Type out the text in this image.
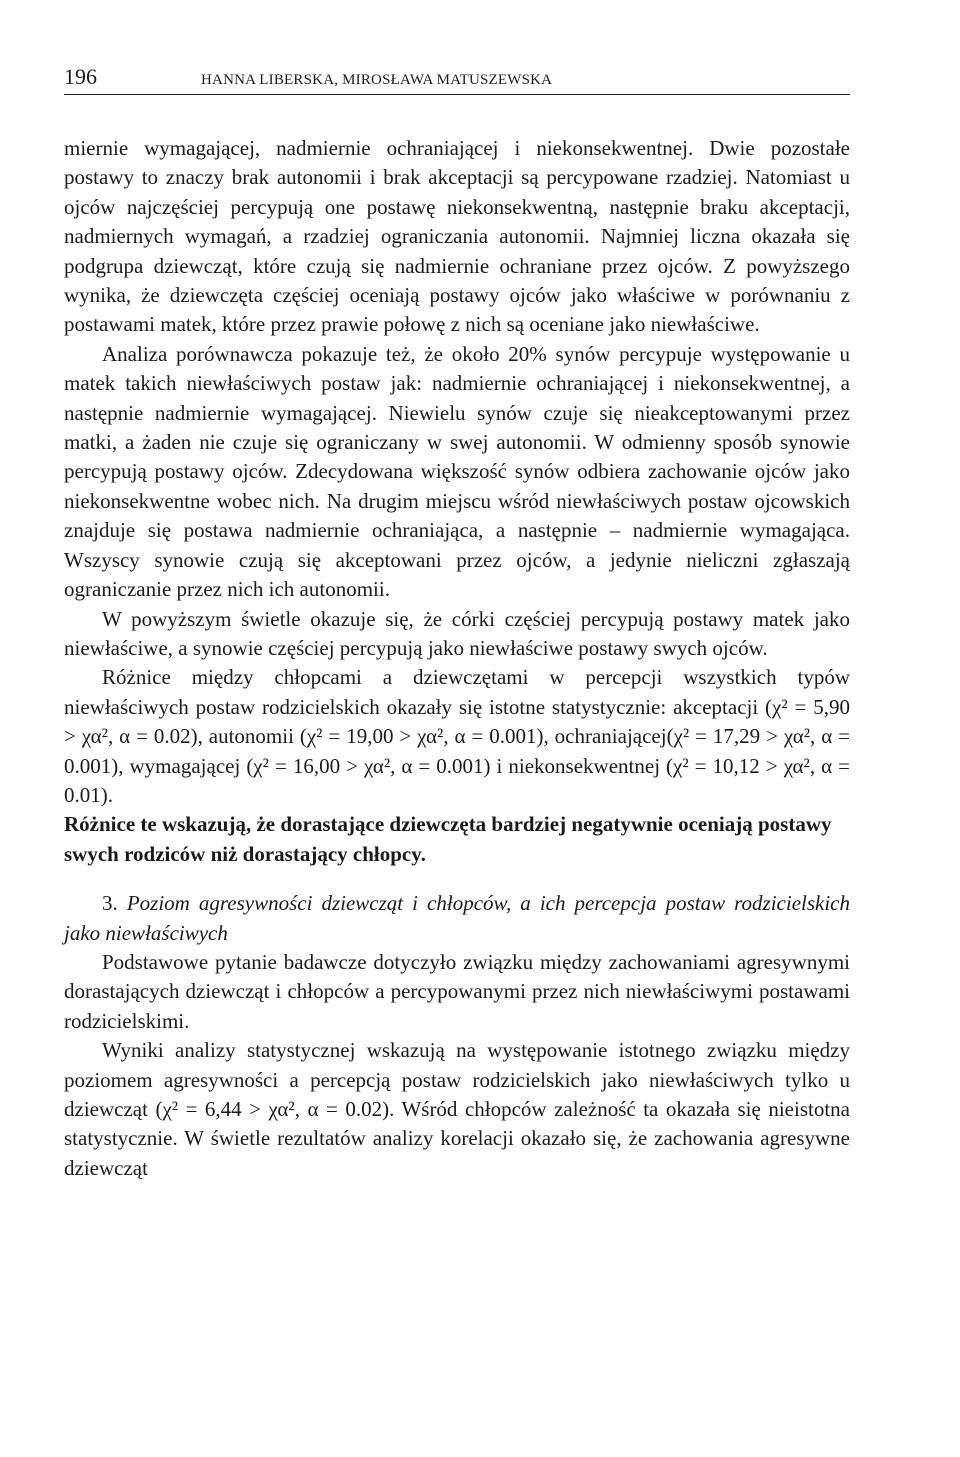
196	HANNA LIBERSKA, MIROSŁAWA MATUSZEWSKA

miernie wymagającej, nadmiernie ochraniającej i niekonsekwentnej. Dwie pozostałe postawy to znaczy brak autonomii i brak akceptacji są percypowane rzadziej. Natomiast u ojców najczęściej percypują one postawę niekonsekwentną, następnie braku akceptacji, nadmiernych wymagań, a rzadziej ograniczania autonomii. Najmniej liczna okazała się podgrupa dziewcząt, które czują się nadmiernie ochraniane przez ojców. Z powyższego wynika, że dziewczęta częściej oceniają postawy ojców jako właściwe w porównaniu z postawami matek, które przez prawie połowę z nich są oceniane jako niewłaściwe.

Analiza porównawcza pokazuje też, że około 20% synów percypuje występowanie u matek takich niewłaściwych postaw jak: nadmiernie ochraniającej i niekonsekwentnej, a następnie nadmiernie wymagającej. Niewielu synów czuje się nieakceptowanymi przez matki, a żaden nie czuje się ograniczany w swej autonomii. W odmienny sposób synowie percypują postawy ojców. Zdecydowana większość synów odbiera zachowanie ojców jako niekonsekwentne wobec nich. Na drugim miejscu wśród niewłaściwych postaw ojcowskich znajduje się postawa nadmiernie ochraniająca, a następnie – nadmiernie wymagająca. Wszyscy synowie czują się akceptowani przez ojców, a jedynie nieliczni zgłaszają ograniczanie przez nich ich autonomii.

W powyższym świetle okazuje się, że córki częściej percypują postawy matek jako niewłaściwe, a synowie częściej percypują jako niewłaściwe postawy swych ojców.

Różnice między chłopcami a dziewczętami w percepcji wszystkich typów niewłaściwych postaw rodzicielskich okazały się istotne statystycznie: akceptacji (χ² = 5,90 > χα², α = 0.02), autonomii (χ² = 19,00 > χα², α = 0.001), ochraniającej(χ² = 17,29 > χα², α = 0.001), wymagającej (χ² = 16,00 > χα², α = 0.001) i niekonsekwentnej (χ² = 10,12 > χα², α = 0.01).

Różnice te wskazują, że dorastające dziewczęta bardziej negatywnie oceniają postawy swych rodziców niż dorastający chłopcy.

3. Poziom agresywności dziewcząt i chłopców, a ich percepcja postaw rodzicielskich jako niewłaściwych

Podstawowe pytanie badawcze dotyczyło związku między zachowaniami agresywnymi dorastających dziewcząt i chłopców a percypowanymi przez nich niewłaściwymi postawami rodzicielskimi.

Wyniki analizy statystycznej wskazują na występowanie istotnego związku między poziomem agresywności a percepcją postaw rodzicielskich jako niewłaściwych tylko u dziewcząt (χ² = 6,44 > χα², α = 0.02). Wśród chłopców zależność ta okazała się nieistotna statystycznie. W świetle rezultatów analizy korelacji okazało się, że zachowania agresywne dziewcząt
